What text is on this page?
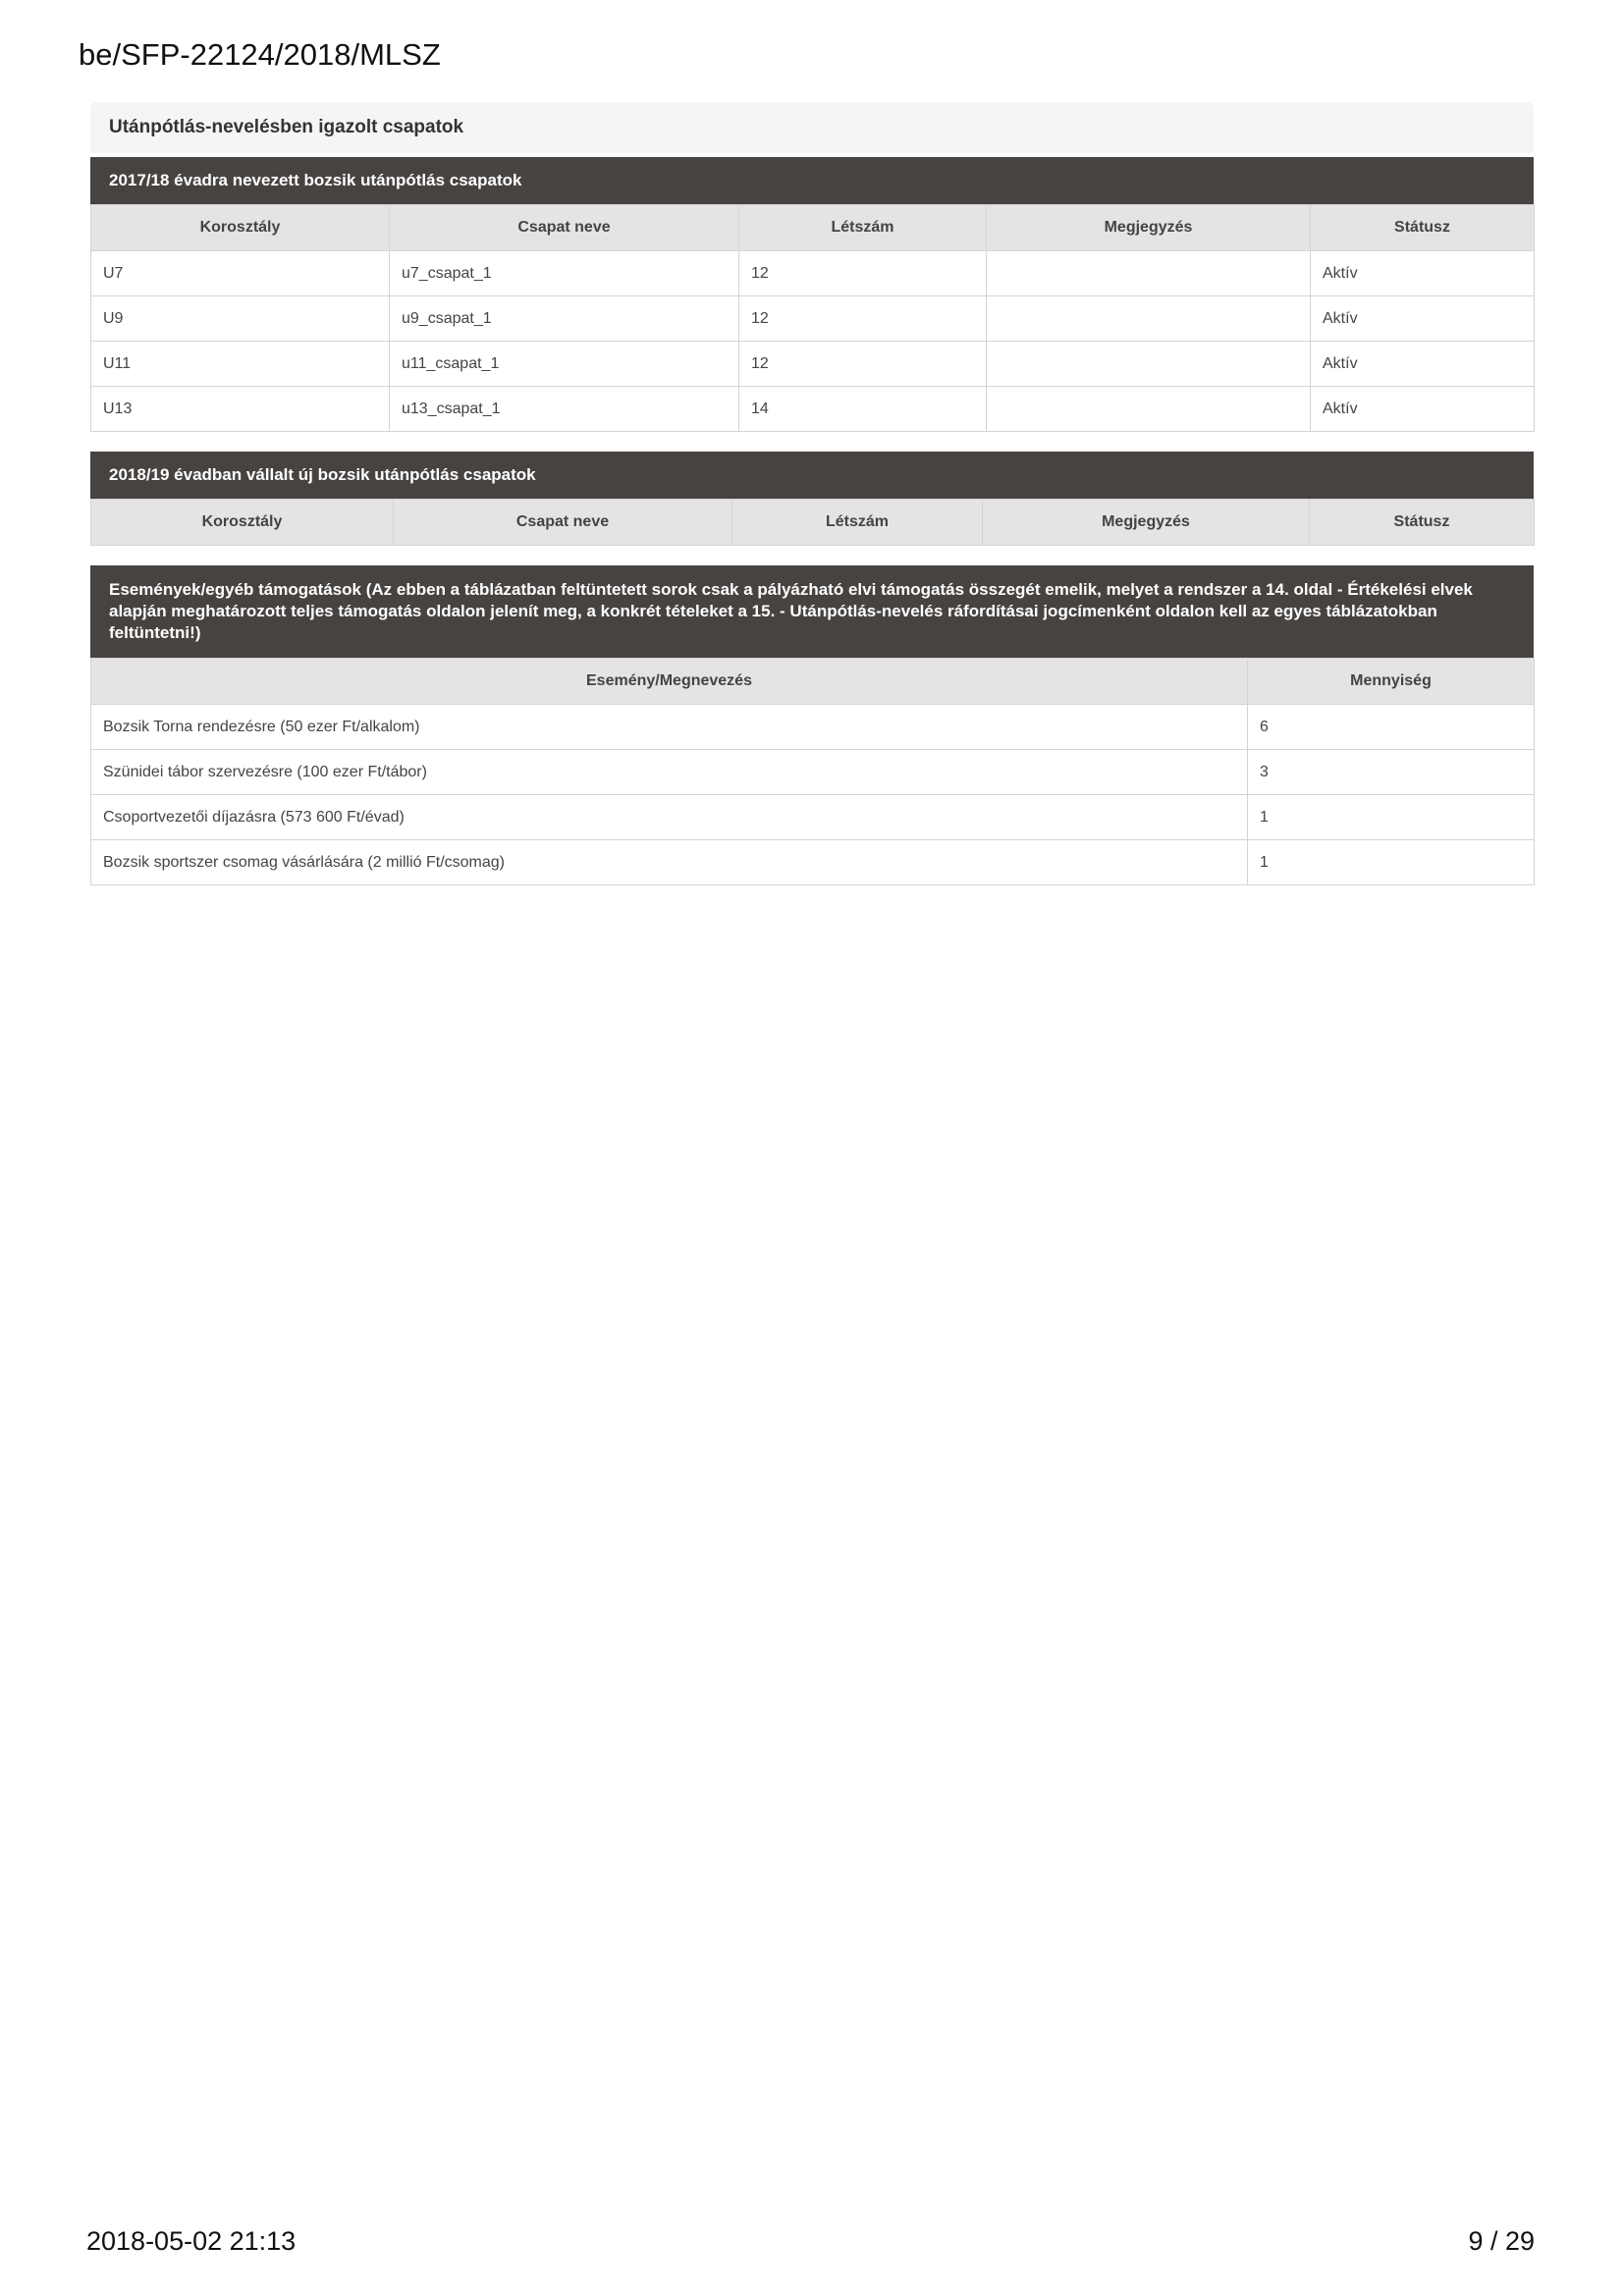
be/SFP-22124/2018/MLSZ
Utánpótlás-nevelésben igazolt csapatok
2017/18 évadra nevezett bozsik utánpótlás csapatok
Korosztály	Csapat neve	Létszám	Megjegyzés	Státusz
U7	u7_csapat_1	12		Aktív
U9	u9_csapat_1	12		Aktív
U11	u11_csapat_1	12		Aktív
U13	u13_csapat_1	14		Aktív
2018/19 évadban vállalt új bozsik utánpótlás csapatok
Korosztály	Csapat neve	Létszám	Megjegyzés	Státusz
Események/egyéb támogatások (Az ebben a táblázatban feltüntetett sorok csak a pályázható elvi támogatás összegét emelik, melyet a rendszer a 14. oldal - Értékelési elvek alapján meghatározott teljes támogatás oldalon jelenít meg, a konkrét tételeket a 15. - Utánpótlás-nevelés ráfordításai jogcímenként oldalon kell az egyes táblázatokban feltüntetni!)
Esemény/Megnevezés	Mennyiség
Bozsik Torna rendezésre (50 ezer Ft/alkalom)	6
Szünidei tábor szervezésre (100 ezer Ft/tábor)	3
Csoportvezetői díjazásra (573 600 Ft/évad)	1
Bozsik sportszer csomag vásárlására (2 millió Ft/csomag)	1
2018-05-02 21:13	9 / 29
